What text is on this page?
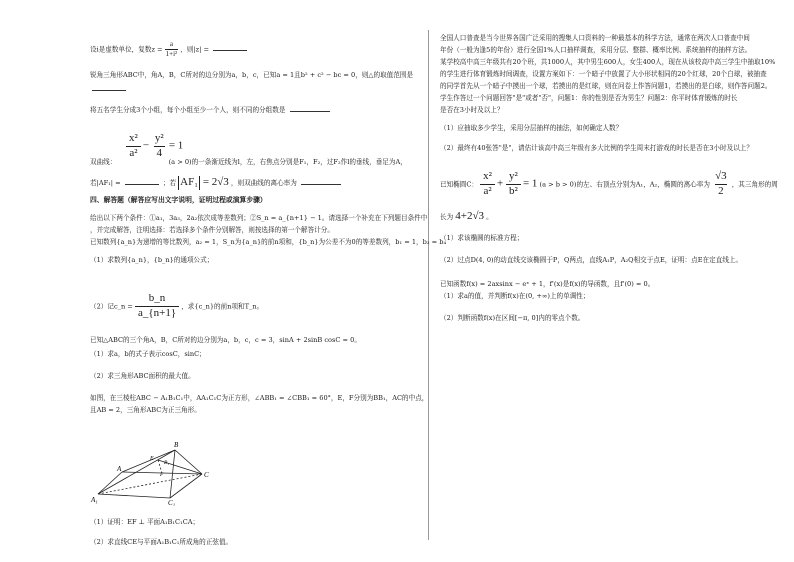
设i是虚数单位，复数$z = \frac{a}{\text{1+i²}}$ ，则|z| =
锐角三角形ABC中，角A，B，C所对的边分别为a，b，c，已知a = 1且b² + c² − bc = 0，则△的取值范围是
将五名学生分成3个小组，每个小组至少一个人，则不同的分组数是
$\frac{\text{x²}}{\text{a²}} - \frac{\text{y²}}{4} = 1$
双曲线：	(a > 0)的一条渐近线为l，左，右焦点分别是F₁，F₂，过F₂作l的垂线，垂足为A，
若|AF₁| =	；若 AF₁ = 2√3 ，则双曲线的离心率为
四、解答题（解答应写出文字说明，证明过程或演算步骤）
给出以下两个条件：①a₁，3a₃，2a₂依次成等差数列；②S_n = a_{n+1} − 1。请选择一个补充在下列题目条件中
，并完成解答，注明选择：若选择多个条件分别解答，则按选择的第一个解答计分。
已知数列{a_n}为递增的等比数列，a₂ = 1，S_n为{a_n}的前n项和，{b_n}为公差不为0的等差数列，b₁ = 1，b₃ = b₄
（1）求数列{a_n}，{b_n}的通项公式；
（2）记c_n = $\frac{b\_n}{a\_\{n+1\}}$ ，求{c_n}的前n项和T_n。
已知△ABC的三个角A，B，C所对的边分别为a，b，c，c = 3，sinA + 2sinB cosC = 0。
（1）求a，b的式子表示cosC，sinC；
（2）求三角形ABC面积的最大值。
如图，在三棱柱ABC − A₁B₁C₁中，AA₁C₁C为正方形，∠ABB₁ = ∠CBB₁ = 60°，E，F分别为BB₁，AC的中点，
且AB = 2，三角形ABC为正三角形。
B
A
C
E
A₁	C₁
B₁
F
（1）证明：EF ⊥ 平面A₁B₁C₁CA；
（2）求直线CE与平面A₁B₁C₁所成角的正弦值。
全国人口普查是当今世界各国广泛采用的搜集人口资料的一种最基本的科学方法，通常在两次人口普查中间
年份（一般为逢5的年份）进行全国1%人口抽样调查，采用分层、整群、概率比例、系统抽样的抽样方法。
某学校高中高三年级共有20个班，共1000人，其中男生600人，女生400人，现在从该校高中高三学生中抽取10%
的学生进行体育锻炼时间调查，设置方案如下：一个暗子中放置了大小形状相同的20个红球，20个白球，被抽查
的同学首先从一个暗子中摸出一个球，若摸出的是红球，则在问卷上作答问题1，若摸出的是白球，则作答问题2。
学生作答过一个问题回答"是"或者"否"，问题1：你的性别是否为男生？问题2：你平时体育锻炼的时长
是否在3小时及以上？
（1）应抽取多少学生，采用分层抽样的抽法，如何确定人数？
（2）最终有40张答"是"，请估计该高中高三年级有多大比例的学生周末打游戏的时长是否在3小时及以上？
已知椭圆C： $\frac{\text{x²}}{\text{a²}} + \frac{\text{y²}}{\text{b²}} = 1$ (a > b > 0)的左、右顶点分别为A₁，A₂，椭圆的离心率为 $\frac{√3}{2}$ ，其三角形的周
长为 4+2√3 。
（1）求该椭圆的标准方程；
（2）过点D(4, 0)的动直线交该椭圆于P，Q两点，直线A₁P，A₂Q相交于点E，证明：点E在定直线上。
已知函数f(x) = 2axsinx − eˣ + 1，f'(x)是f(x)的导函数，且f'(0) = 0。
（1）求a的值，并判断f(x)在(0, +∞)上的单调性；
（2）判断函数f(x)在区间[−π, 0]内的零点个数。
